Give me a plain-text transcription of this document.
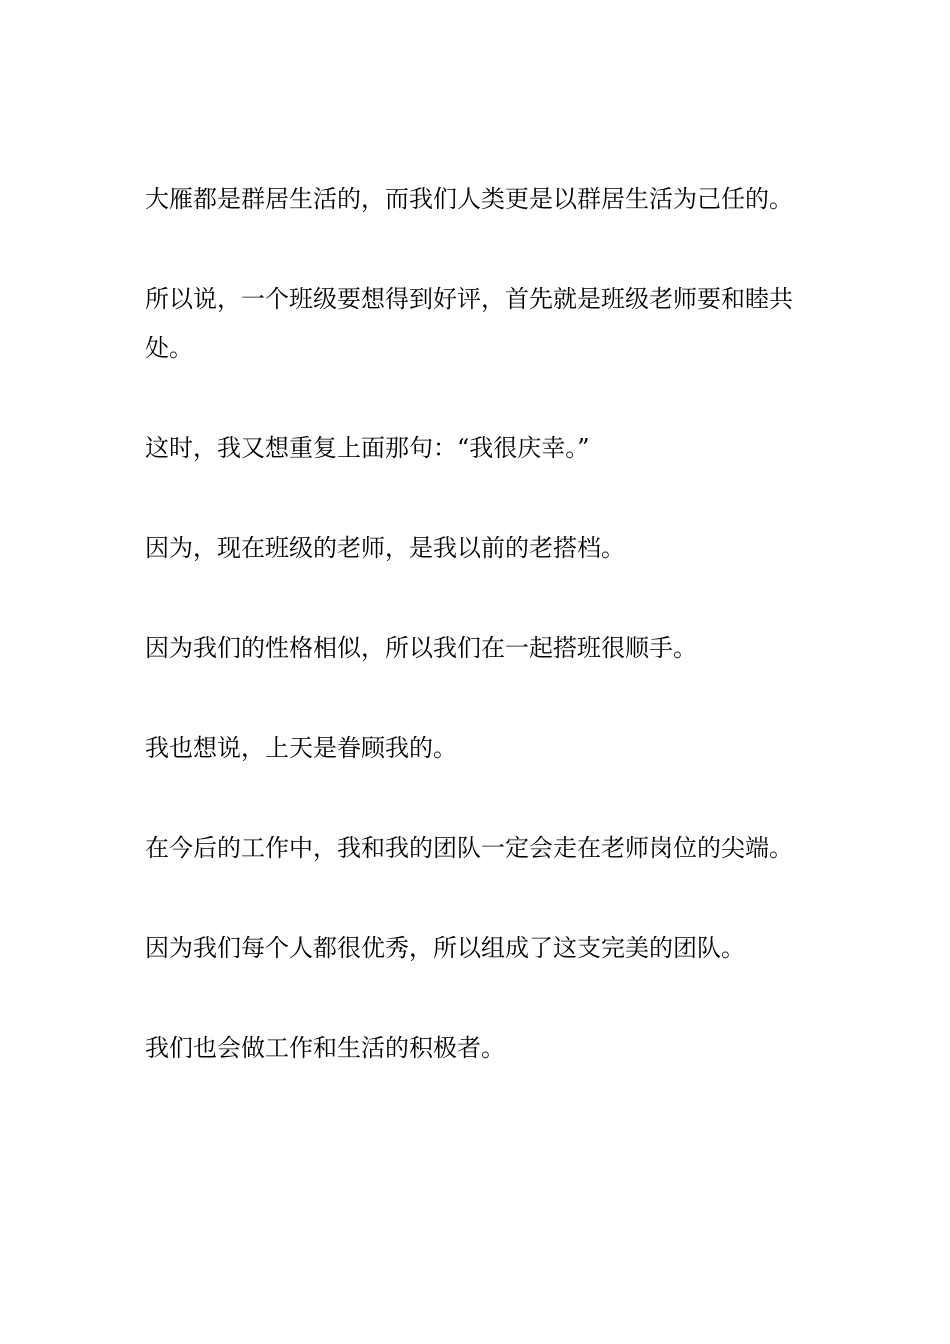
大雁都是群居生活的，而我们人类更是以群居生活为己任的。

所以说，一个班级要想得到好评，首先就是班级老师要和睦共处。

这时，我又想重复上面那句：“我很庆幸。”

因为，现在班级的老师，是我以前的老搭档。

因为我们的性格相似，所以我们在一起搭班很顺手。

我也想说，上天是眷顾我的。

在今后的工作中，我和我的团队一定会走在老师岗位的尖端。

因为我们每个人都很优秀，所以组成了这支完美的团队。

我们也会做工作和生活的积极者。
